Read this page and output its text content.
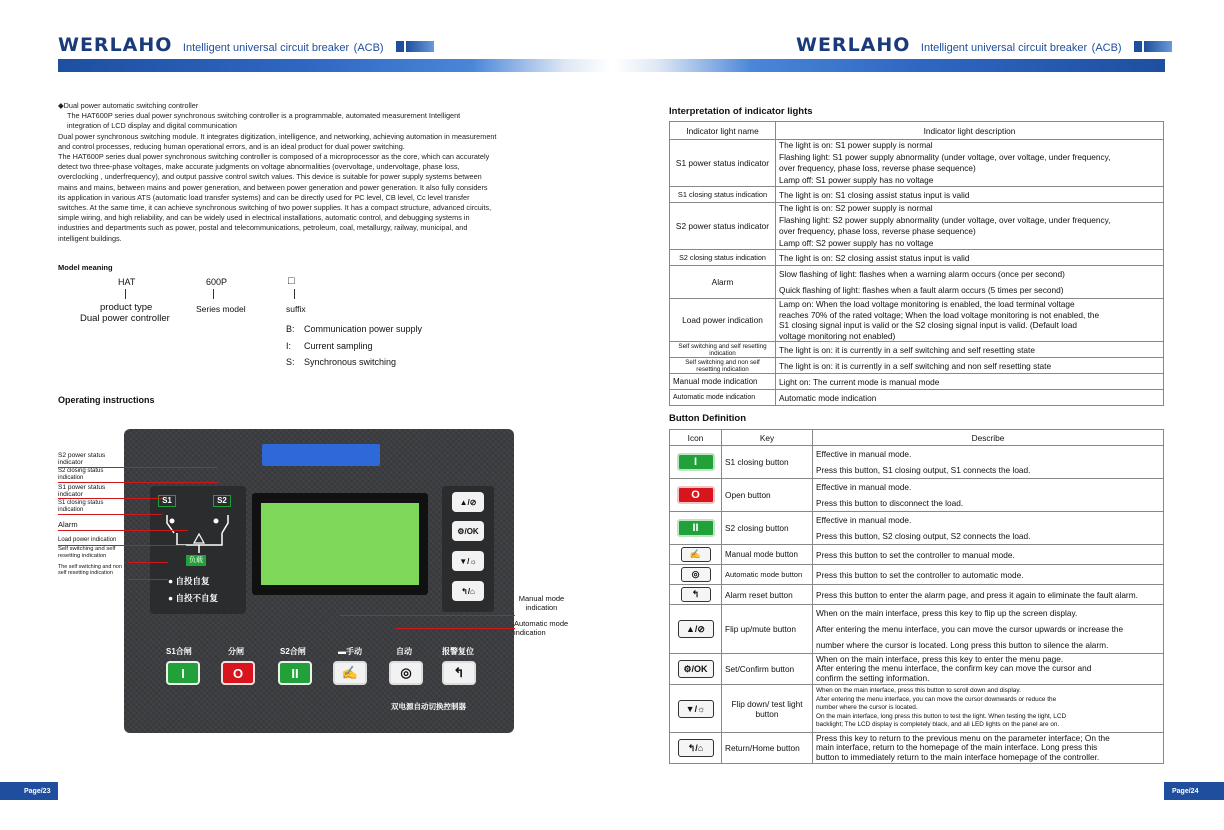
WERLAHO Intelligent universal circuit breaker (ACB)	WERLAHO Intelligent universal circuit breaker (ACB)
◆Dual power automatic switching controller
The HAT600P series dual power synchronous switching controller is a programmable, automated measurement Intelligent
integration of LCD display and digital communication
Dual power synchronous switching module. It integrates digitization, intelligence, and networking, achieving automation in measurement
and control processes, reducing human operational errors, and is an ideal product for dual power switching.
The HAT600P series dual power synchronous switching controller is composed of a microprocessor as the core, which can accurately
detect two three-phase voltages, make accurate judgments on voltage abnormalities (overvoltage, undervoltage, phase loss,
overclocking , underfrequency), and output passive control switch values. This device is suitable for power supply systems between
mains and mains, between mains and power generation, and between power generation and power generation. It also fully considers
its application in various ATS (automatic load transfer systems) and can be directly used for PC level, CB level, Cc level transfer
switches. At the same time, it can achieve synchronous switching of two power supplies. It has a compact structure, advanced circuits,
simple wiring, and high reliability, and can be widely used in electrical installations, automatic control, and debugging systems in
industries and departments such as power, postal and telecommunications, petroleum, coal, metallurgy, railway, municipal, and
intelligent buildings.
Model meaning
HAT	600P	□
product type
Dual power controller
Series model	suffix
B: Communication power supply
I: Current sampling
S: Synchronous switching
Operating instructions
S1	S2
负载
● 自投自复
● 自投不自复
▲/⊘
⚙/OK
▼/☼
↰/⌂
S1合闸	分闸	S2合闸	▬手动	自动	报警复位
I	O	II	✍	◎	↰
双电源自动切换控制器
S2 power status indicator
S2 closing status indication
S1 power status indicator
S1 closing status indication
Alarm
Load power indication
Self switching and self resetting indication
The self switching and non self resetting indication
Manual mode indication
Automatic mode indication
Interpretation of indicator lights
Indicator light name	Indicator light description
S1 power status indicator	The light is on: S1 power supply is normal
Flashing light: S1 power supply abnormality (under voltage, over voltage, under frequency,
over frequency, phase loss, reverse phase sequence)
Lamp off: S1 power supply has no voltage

S1 closing status indication	The light is on: S1 closing assist status input is valid
S2 power status indicator	The light is on: S2 power supply is normal
Flashing light: S2 power supply abnormality (under voltage, over voltage, under frequency,
over frequency, phase loss, reverse phase sequence)
Lamp off: S2 power supply has no voltage

S2 closing status indication	The light is on: S2 closing assist status input is valid
Alarm	Slow flashing of light: flashes when a warning alarm occurs (once per second)
Quick flashing of light: flashes when a fault alarm occurs (5 times per second)

Load power indication	Lamp on: When the load voltage monitoring is enabled, the load terminal voltage
reaches 70% of the rated voltage; When the load voltage monitoring is not enabled, the
S1 closing signal input is valid or the S2 closing signal input is valid. (Default load
voltage monitoring not enabled)

Self switching and self resetting indication	The light is on: it is currently in a self switching and self resetting state
Self switching and non self resetting indication	The light is on: it is currently in a self switching and non self resetting state
Manual mode indication	Light on: The current mode is manual mode
Automatic mode indication	Automatic mode indication
Button Definition
Icon	Key	Describe
I	S1 closing button	Effective in manual mode.
Press this button, S1 closing output, S1 connects the load.

O	Open button	Effective in manual mode.
Press this button to disconnect the load.

II	S2 closing button	Effective in manual mode.
Press this button, S2 closing output, S2 connects the load.

✍	Manual mode button	Press this button to set the controller to manual mode.
◎	Automatic mode button	Press this button to set the controller to automatic mode.
↰	Alarm reset button	Press this button to enter the alarm page, and press it again to eliminate the fault alarm.
▲/⊘	Flip up/mute button	When on the main interface, press this key to flip up the screen display.
After entering the menu interface, you can move the cursor upwards or increase the
number where the cursor is located. Long press this button to silence the alarm.

⚙/OK	Set/Confirm button	When on the main interface, press this key to enter the menu page.
After entering the menu interface, the confirm key can move the cursor and
confirm the setting information.

▼/☼	Flip down/ test light button	When on the main interface, press this button to scroll down and display.
After entering the menu interface, you can move the cursor downwards or reduce the
number where the cursor is located.
On the main interface, long press this button to test the light. When testing the light, LCD
backlight; The LCD display is completely black, and all LED lights on the panel are on.

↰/⌂	Return/Home button	Press this key to return to the previous menu on the parameter interface; On the
main interface, return to the homepage of the main interface. Long press this
button to immediately return to the main interface homepage of the controller.
Page/23	Page/24
